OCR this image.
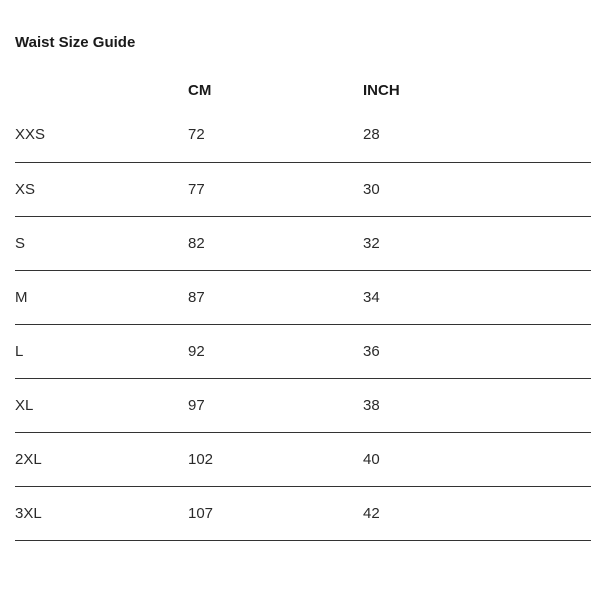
Waist Size Guide
	CM	INCH
XXS	72	28
XS	77	30
S	82	32
M	87	34
L	92	36
XL	97	38
2XL	102	40
3XL	107	42
